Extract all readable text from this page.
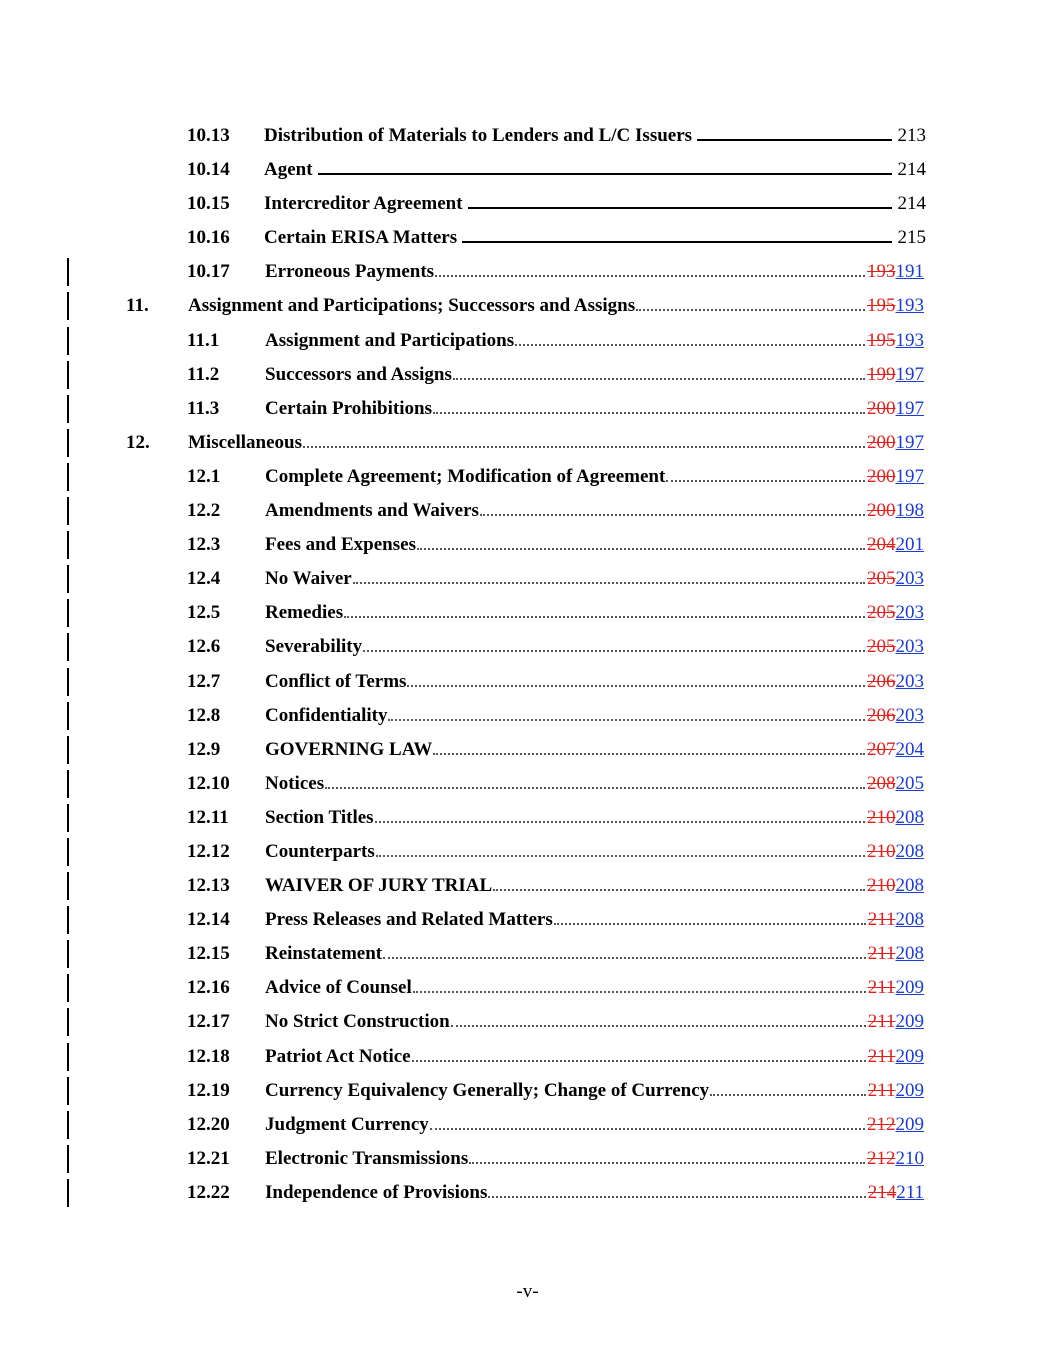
10.13 Distribution of Materials to Lenders and L/C Issuers	213
10.14 Agent	214
10.15 Intercreditor Agreement	214
10.16 Certain ERISA Matters	215
10.17 Erroneous Payments	193191
11. Assignment and Participations; Successors and Assigns	195193
11.1 Assignment and Participations	195193
11.2 Successors and Assigns	199197
11.3 Certain Prohibitions	200197
12. Miscellaneous	200197
12.1 Complete Agreement; Modification of Agreement	200197
12.2 Amendments and Waivers	200198
12.3 Fees and Expenses	204201
12.4 No Waiver	205203
12.5 Remedies	205203
12.6 Severability	205203
12.7 Conflict of Terms	206203
12.8 Confidentiality	206203
12.9 GOVERNING LAW	207204
12.10 Notices	208205
12.11 Section Titles	210208
12.12 Counterparts	210208
12.13 WAIVER OF JURY TRIAL	210208
12.14 Press Releases and Related Matters	211208
12.15 Reinstatement	211208
12.16 Advice of Counsel	211209
12.17 No Strict Construction	211209
12.18 Patriot Act Notice	211209
12.19 Currency Equivalency Generally; Change of Currency	211209
12.20 Judgment Currency	212209
12.21 Electronic Transmissions	212210
12.22 Independence of Provisions	214211
-v-
